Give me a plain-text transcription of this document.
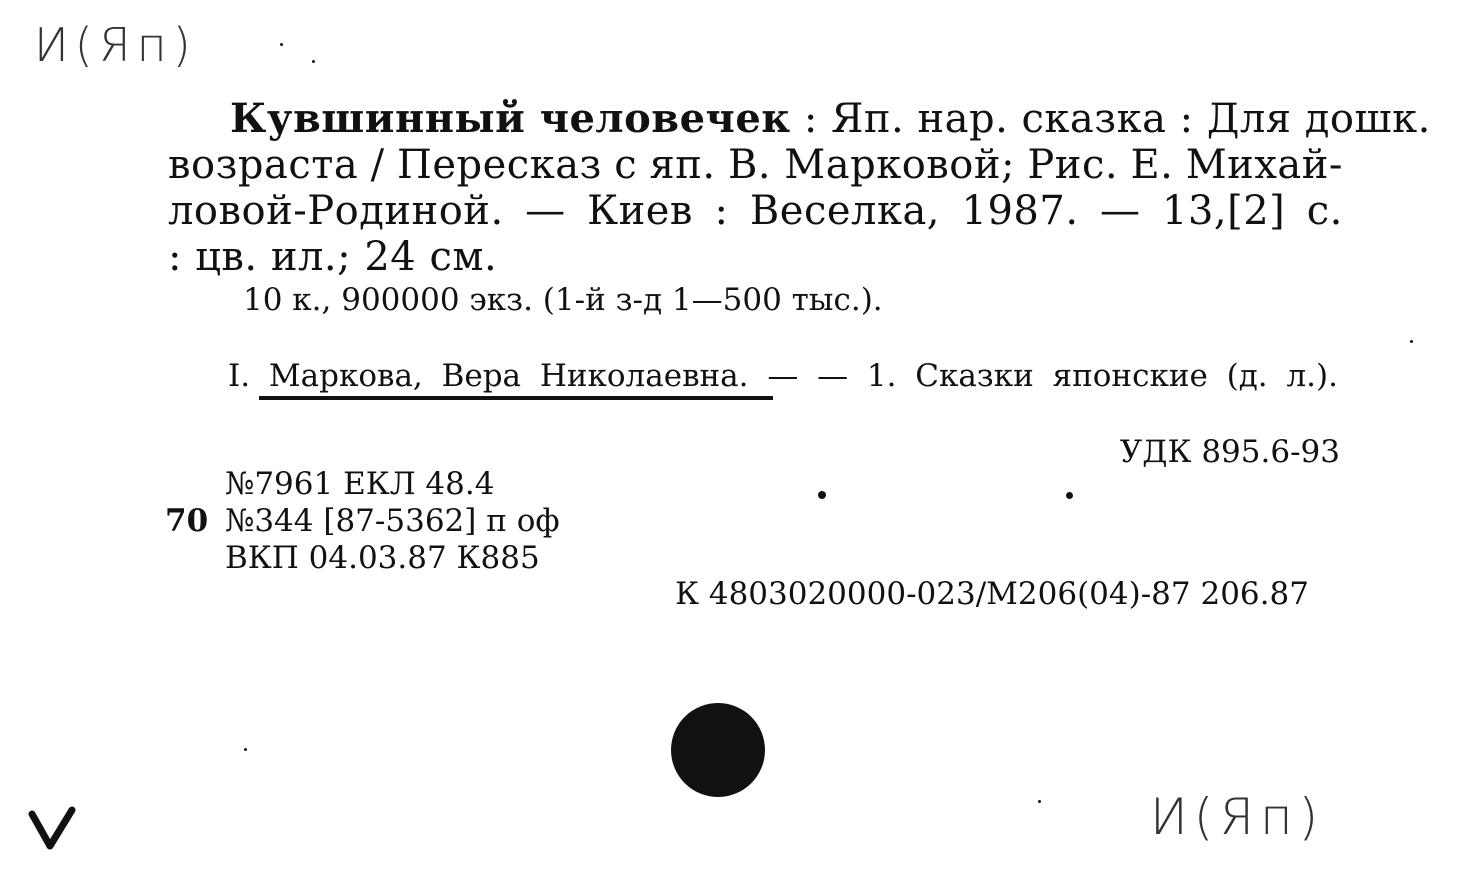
И(Яп)
Кувшинный человечек : Яп. нар. сказка : Для дошк.
возраста / Пересказ с яп. В. Марковой; Рис. Е. Михай-
ловой-Родиной. — Киев : Веселка, 1987. — 13,[2] с.
: цв. ил.; 24 см.
10 к., 900000 экз. (1-й з-д 1—500 тыс.).
I. Маркова, Вера Николаевна. — — 1. Сказки японские (д. л.).
УДК 895.6-93
№7961 ЕКЛ 48.4
70 №344 [87-5362] п оф
ВКП 04.03.87 К885
К 4803020000-023/М206(04)-87 206.87
И(Яп)
